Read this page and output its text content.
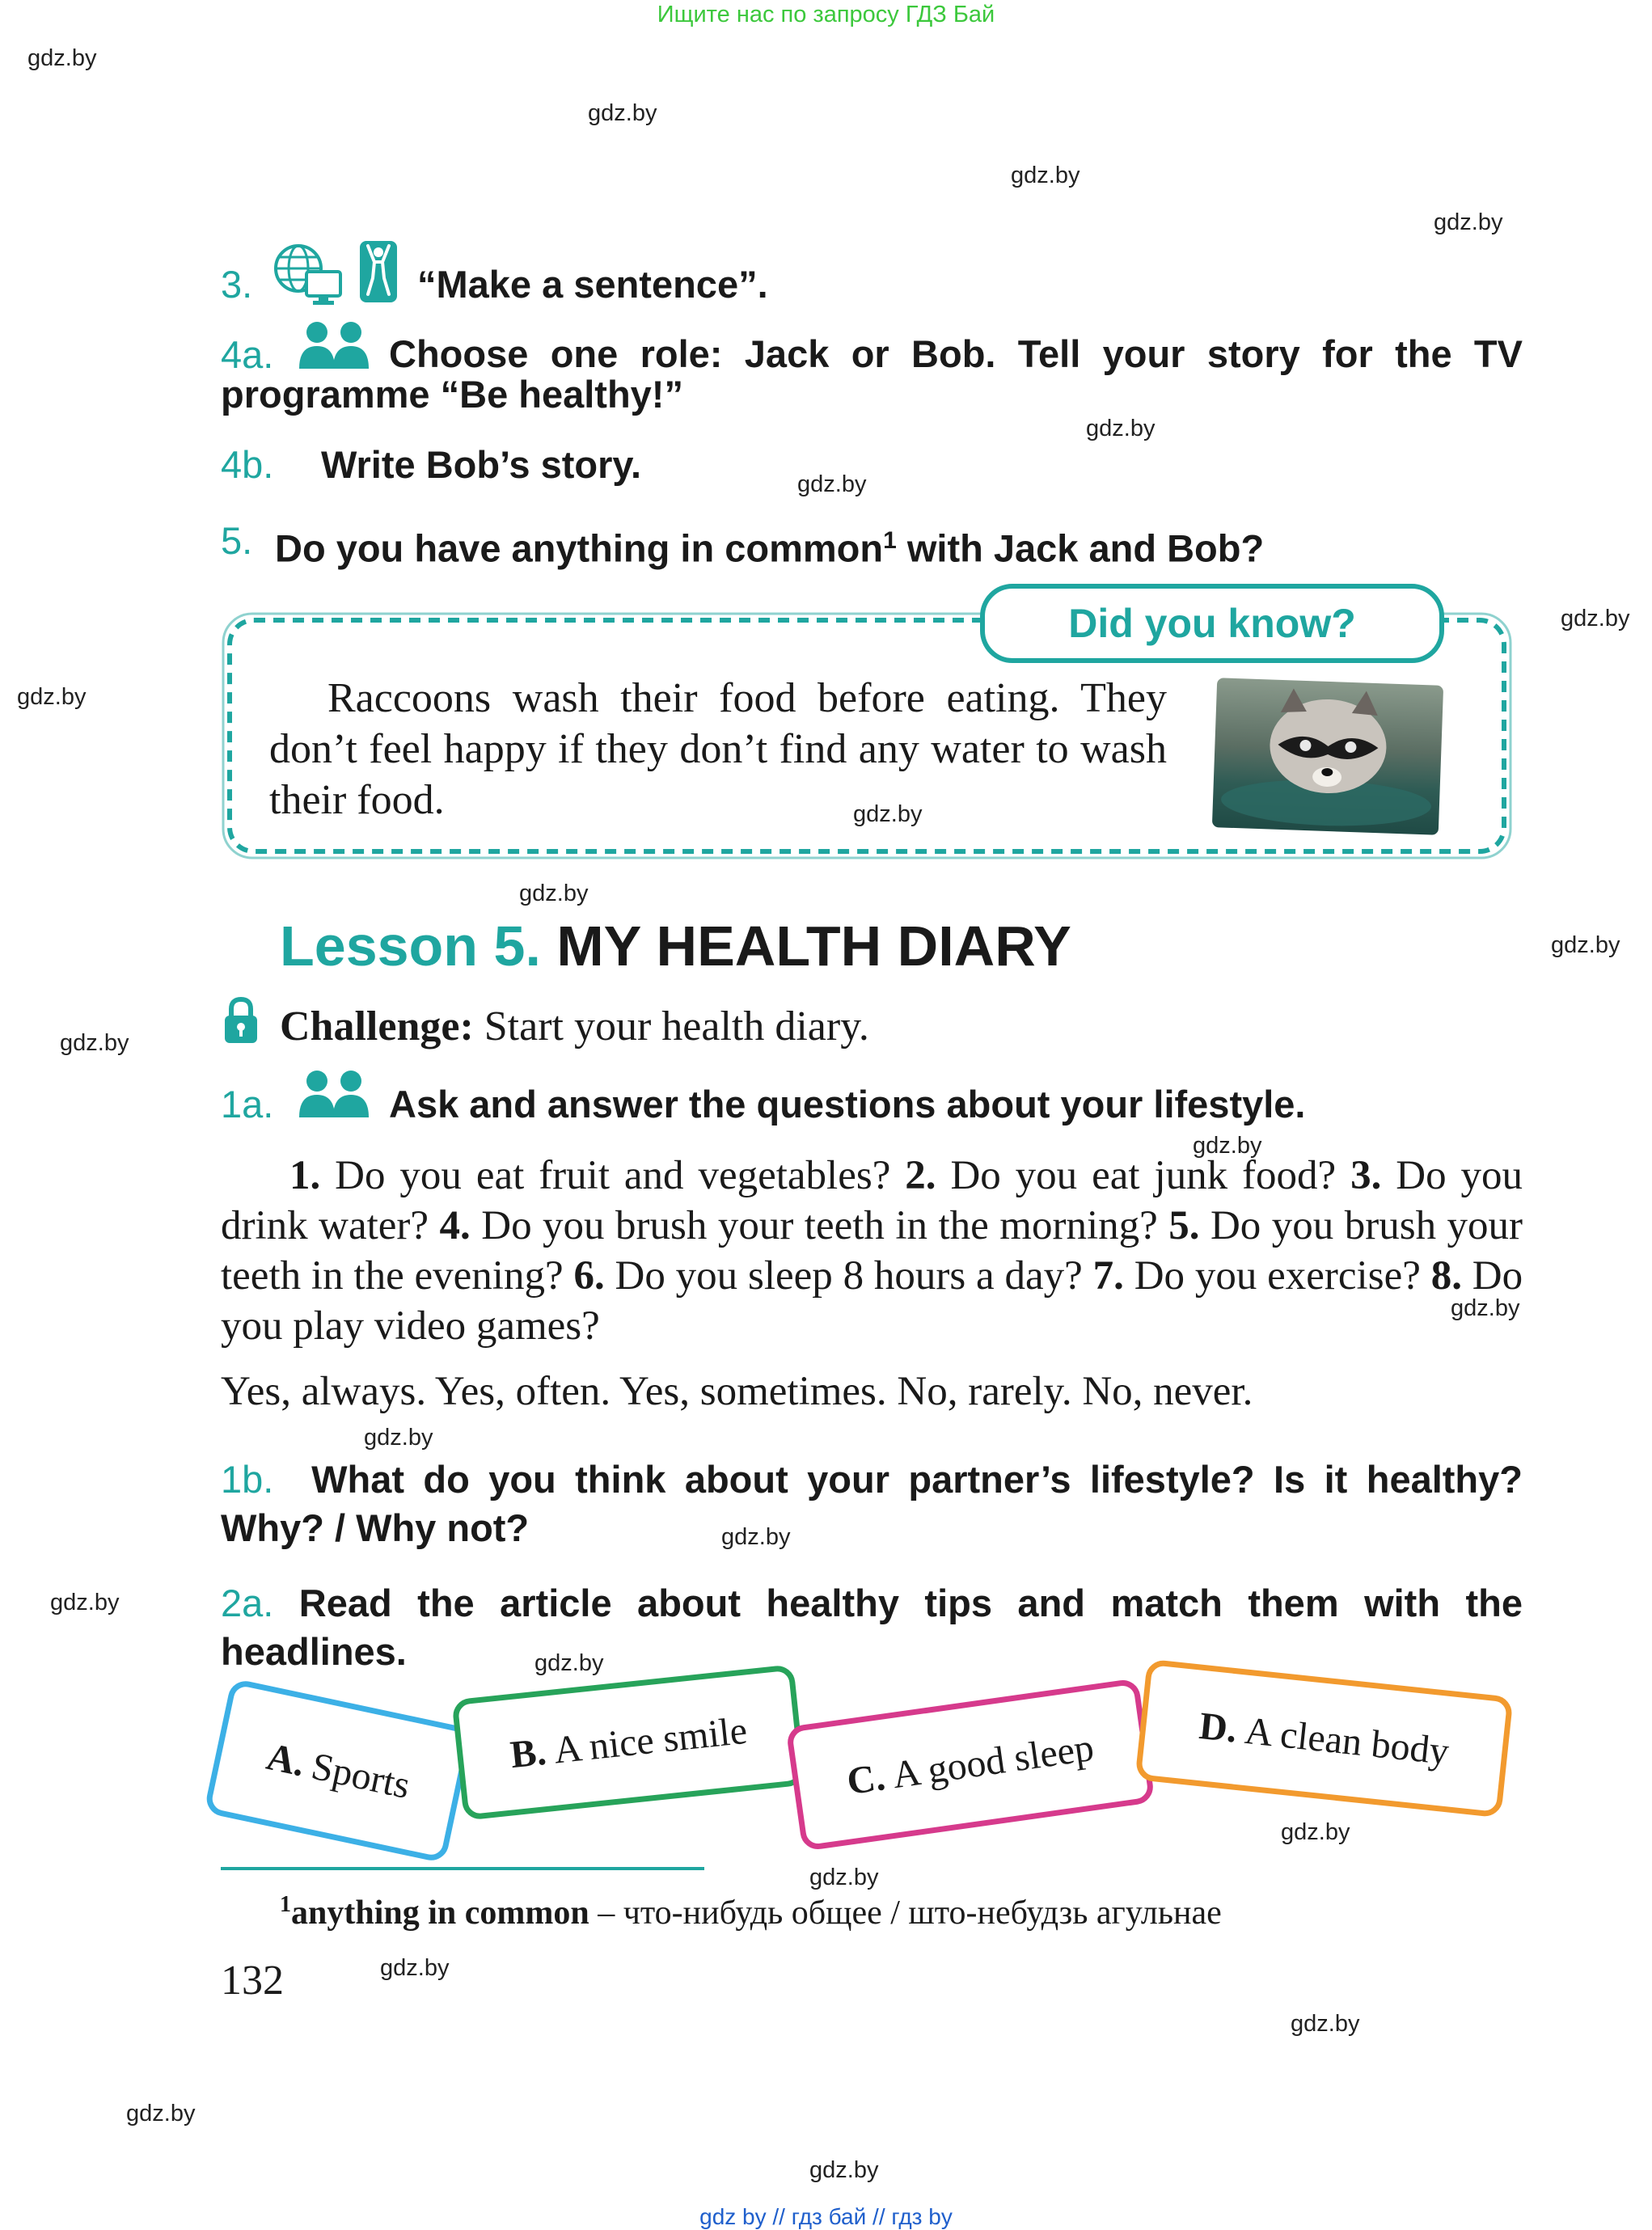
Ищите нас по запросу ГДЗ Бай
gdz.by
gdz.by
gdz.by
gdz.by
gdz.by
gdz.by
gdz.by
gdz.by
gdz.by
gdz.by
gdz.by
gdz.by
gdz.by
gdz.by
gdz.by
gdz.by
gdz.by
gdz.by
gdz.by
gdz.by
gdz.by
gdz.by
gdz.by
gdz.by
3.	“Make a sentence”.
4a.	Choose one role: Jack or Bob. Tell your story for the TV programme “Be healthy!”
4b. Write Bob’s story.
5. Do you have anything in common$^1$ with Jack and Bob?
Did you know?
Raccoons wash their food before eating. They don’t feel happy if they don’t find any water to wash their food.
Lesson 5. MY HEALTH DIARY
Challenge: Start your health diary.
1a.	Ask and answer the questions about your lifestyle.
1. Do you eat fruit and vegetables? 2. Do you eat junk food? 3. Do you drink water? 4. Do you brush your teeth in the morning? 5. Do you brush your teeth in the evening? 6. Do you sleep 8 hours a day? 7. Do you exercise? 8. Do you play video games?
Yes, always. Yes, often. Yes, sometimes. No, rarely. No, never.
1b. What do you think about your partner’s lifestyle? Is it healthy? Why? / Why not?
2a. Read the article about healthy tips and match them with the headlines.
A.
Sports B. A nice smile
C. A good sleep	D. A clean body
$^1$anything in common – что-нибудь общее / што-небудзь агульнае
132
gdz by // гдз бай // гдз by
